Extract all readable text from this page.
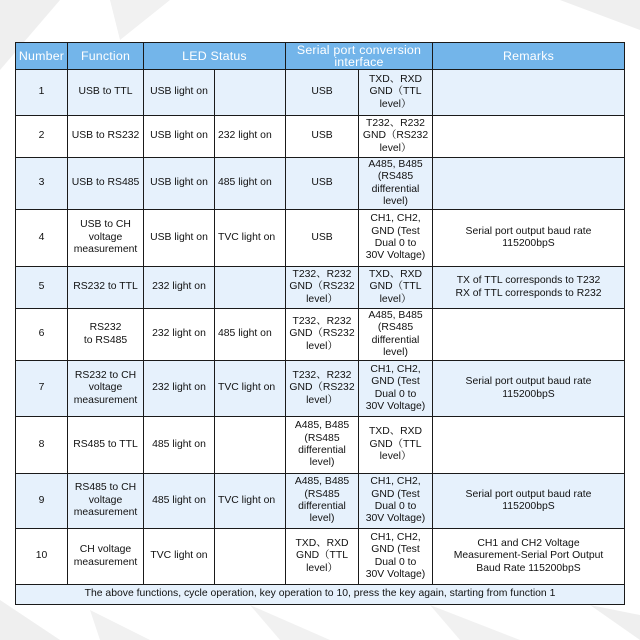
Number	Function	LED Status		Serial port conversion
interface		Remarks
1	USB to TTL	USB light on		USB	TXD、RXD
GND（TTL
level）	

2	USB to RS232	USB light on	232 light on	USB	T232、R232
GND（RS232
level）	

3	USB to RS485	USB light on	485 light on	USB	A485, B485
(RS485
differential
level)	

4	USB to CH
voltage
measurement	USB light on	TVC light on	USB	CH1, CH2,
GND (Test
Dual 0 to
30V Voltage)	Serial port output baud rate
115200bpS

5	RS232 to TTL	232 light on		T232、R232
GND（RS232
level）	TXD、RXD
GND（TTL
level）	TX of TTL corresponds to T232
RX of TTL corresponds to R232

6	RS232
to RS485	232 light on	485 light on	T232、R232
GND（RS232
level）	A485, B485
(RS485
differential
level)	

7	RS232 to CH
voltage
measurement	232 light on	TVC light on	T232、R232
GND（RS232
level）	CH1, CH2,
GND (Test
Dual 0 to
30V Voltage)	Serial port output baud rate
115200bpS

8	RS485 to TTL	485 light on		A485, B485
(RS485
differential
level)	TXD、RXD
GND（TTL
level）	

9	RS485 to CH
voltage
measurement	485 light on	TVC light on	A485, B485
(RS485
differential
level)	CH1, CH2,
GND (Test
Dual 0 to
30V Voltage)	Serial port output baud rate
115200bpS

10	CH voltage
measurement	TVC light on		TXD、RXD
GND（TTL
level）	CH1, CH2,
GND (Test
Dual 0 to
30V Voltage)	CH1 and CH2 Voltage
Measurement-Serial Port Output
Baud Rate 115200bpS

The above functions, cycle operation, key operation to 10, press the key again, starting from function 1						
